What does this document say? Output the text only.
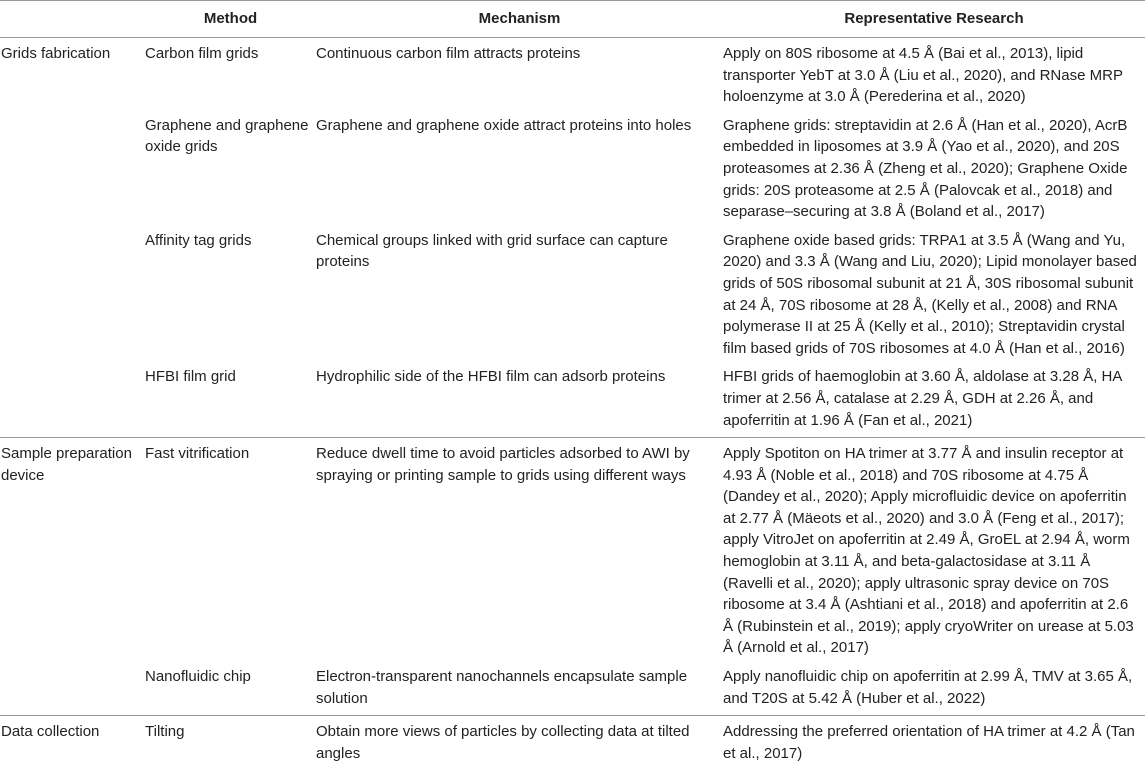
	Method	Mechanism	Representative Research
Grids fabrication	Carbon film grids	Continuous carbon film attracts proteins	Apply on 80S ribosome at 4.5 Å (Bai et al., 2013), lipid transporter YebT at 3.0 Å (Liu et al., 2020), and RNase MRP holoenzyme at 3.0 Å (Perederina et al., 2020)
	Graphene and graphene oxide grids	Graphene and graphene oxide attract proteins into holes	Graphene grids: streptavidin at 2.6 Å (Han et al., 2020), AcrB embedded in liposomes at 3.9 Å (Yao et al., 2020), and 20S proteasomes at 2.36 Å (Zheng et al., 2020); Graphene Oxide grids: 20S proteasome at 2.5 Å (Palovcak et al., 2018) and separase–securing at 3.8 Å (Boland et al., 2017)
	Affinity tag grids	Chemical groups linked with grid surface can capture proteins	Graphene oxide based grids: TRPA1 at 3.5 Å (Wang and Yu, 2020) and 3.3 Å (Wang and Liu, 2020); Lipid monolayer based grids of 50S ribosomal subunit at 21 Å, 30S ribosomal subunit at 24 Å, 70S ribosome at 28 Å, (Kelly et al., 2008) and RNA polymerase II at 25 Å (Kelly et al., 2010); Streptavidin crystal film based grids of 70S ribosomes at 4.0 Å (Han et al., 2016)
	HFBI film grid	Hydrophilic side of the HFBI film can adsorb proteins	HFBI grids of haemoglobin at 3.60 Å, aldolase at 3.28 Å, HA trimer at 2.56 Å, catalase at 2.29 Å, GDH at 2.26 Å, and apoferritin at 1.96 Å (Fan et al., 2021)
Sample preparation device	Fast vitrification	Reduce dwell time to avoid particles adsorbed to AWI by spraying or printing sample to grids using different ways	Apply Spotiton on HA trimer at 3.77 Å and insulin receptor at 4.93 Å (Noble et al., 2018) and 70S ribosome at 4.75 Å (Dandey et al., 2020); Apply microfluidic device on apoferritin at 2.77 Å (Mäeots et al., 2020) and 3.0 Å (Feng et al., 2017); apply VitroJet on apoferritin at 2.49 Å, GroEL at 2.94 Å, worm hemoglobin at 3.11 Å, and beta-galactosidase at 3.11 Å (Ravelli et al., 2020); apply ultrasonic spray device on 70S ribosome at 3.4 Å (Ashtiani et al., 2018) and apoferritin at 2.6 Å (Rubinstein et al., 2019); apply cryoWriter on urease at 5.03 Å (Arnold et al., 2017)
	Nanofluidic chip	Electron-transparent nanochannels encapsulate sample solution	Apply nanofluidic chip on apoferritin at 2.99 Å, TMV at 3.65 Å, and T20S at 5.42 Å (Huber et al., 2022)
Data collection	Tilting	Obtain more views of particles by collecting data at tilted angles	Addressing the preferred orientation of HA trimer at 4.2 Å (Tan et al., 2017)
